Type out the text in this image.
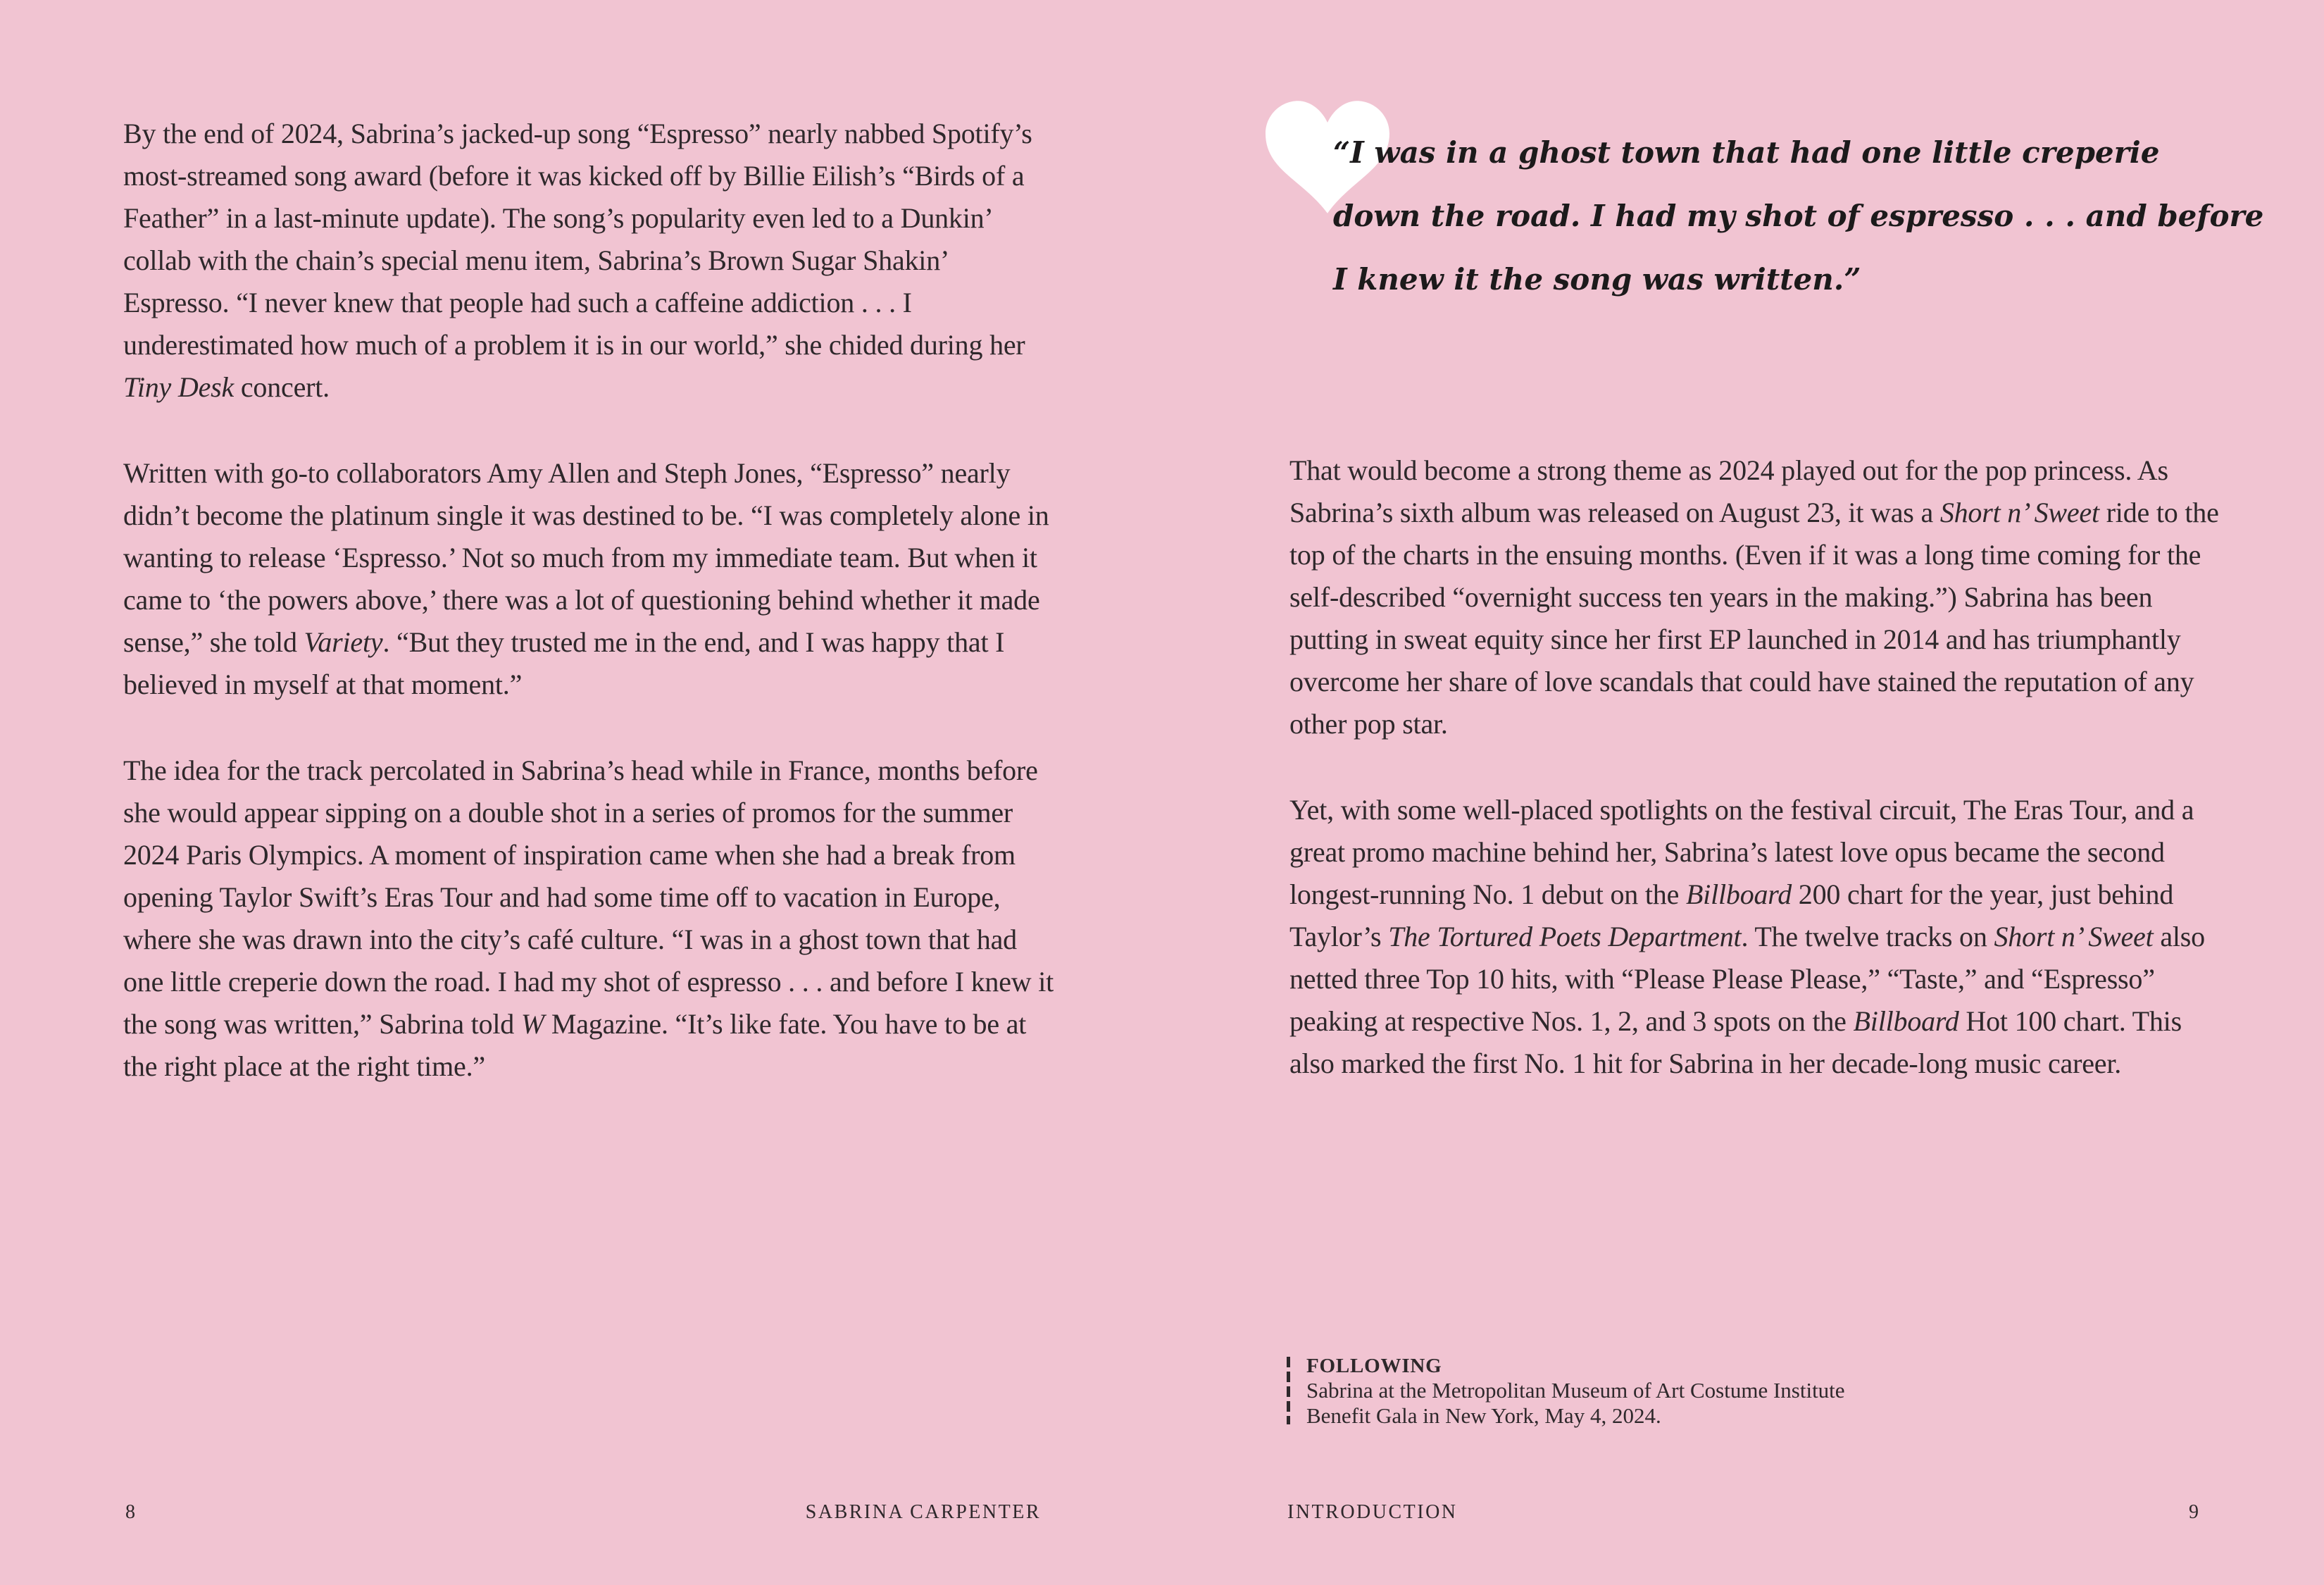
By the end of 2024, Sabrina’s jacked-up song “Espresso” nearly nabbed Spotify’s most-streamed song award (before it was kicked off by Billie Eilish’s “Birds of a Feather” in a last-minute update). The song’s popularity even led to a Dunkin’ collab with the chain’s special menu item, Sabrina’s Brown Sugar Shakin’ Espresso. “I never knew that people had such a caffeine addiction . . . I underestimated how much of a problem it is in our world,” she chided during her Tiny Desk concert.

Written with go-to collaborators Amy Allen and Steph Jones, “Espresso” nearly didn’t become the platinum single it was destined to be. “I was completely alone in wanting to release ‘Espresso.’ Not so much from my immediate team. But when it came to ‘the powers above,’ there was a lot of questioning behind whether it made sense,” she told Variety. “But they trusted me in the end, and I was happy that I believed in myself at that moment.”

The idea for the track percolated in Sabrina’s head while in France, months before she would appear sipping on a double shot in a series of promos for the summer 2024 Paris Olympics. A moment of inspiration came when she had a break from opening Taylor Swift’s Eras Tour and had some time off to vacation in Europe, where she was drawn into the city’s café culture. “I was in a ghost town that had one little creperie down the road. I had my shot of espresso . . . and before I knew it the song was written,” Sabrina told W Magazine. “It’s like fate. You have to be at the right place at the right time.”

8	SABRINA CARPENTER
“I was in a ghost town that had one little creperie
down the road. I had my shot of espresso . . . and before
I knew it the song was written.”

That would become a strong theme as 2024 played out for the pop princess. As Sabrina’s sixth album was released on August 23, it was a Short n’ Sweet ride to the top of the charts in the ensuing months. (Even if it was a long time coming for the self-described “overnight success ten years in the making.”) Sabrina has been putting in sweat equity since her first EP launched in 2014 and has triumphantly overcome her share of love scandals that could have stained the reputation of any other pop star.

Yet, with some well-placed spotlights on the festival circuit, The Eras Tour, and a great promo machine behind her, Sabrina’s latest love opus became the second longest-running No. 1 debut on the Billboard 200 chart for the year, just behind Taylor’s The Tortured Poets Department. The twelve tracks on Short n’ Sweet also netted three Top 10 hits, with “Please Please Please,” “Taste,” and “Espresso” peaking at respective Nos. 1, 2, and 3 spots on the Billboard Hot 100 chart. This also marked the first No. 1 hit for Sabrina in her decade-long music career.

FOLLOWING
Sabrina at the Metropolitan Museum of Art Costume Institute
Benefit Gala in New York, May 4, 2024.
INTRODUCTION	9
